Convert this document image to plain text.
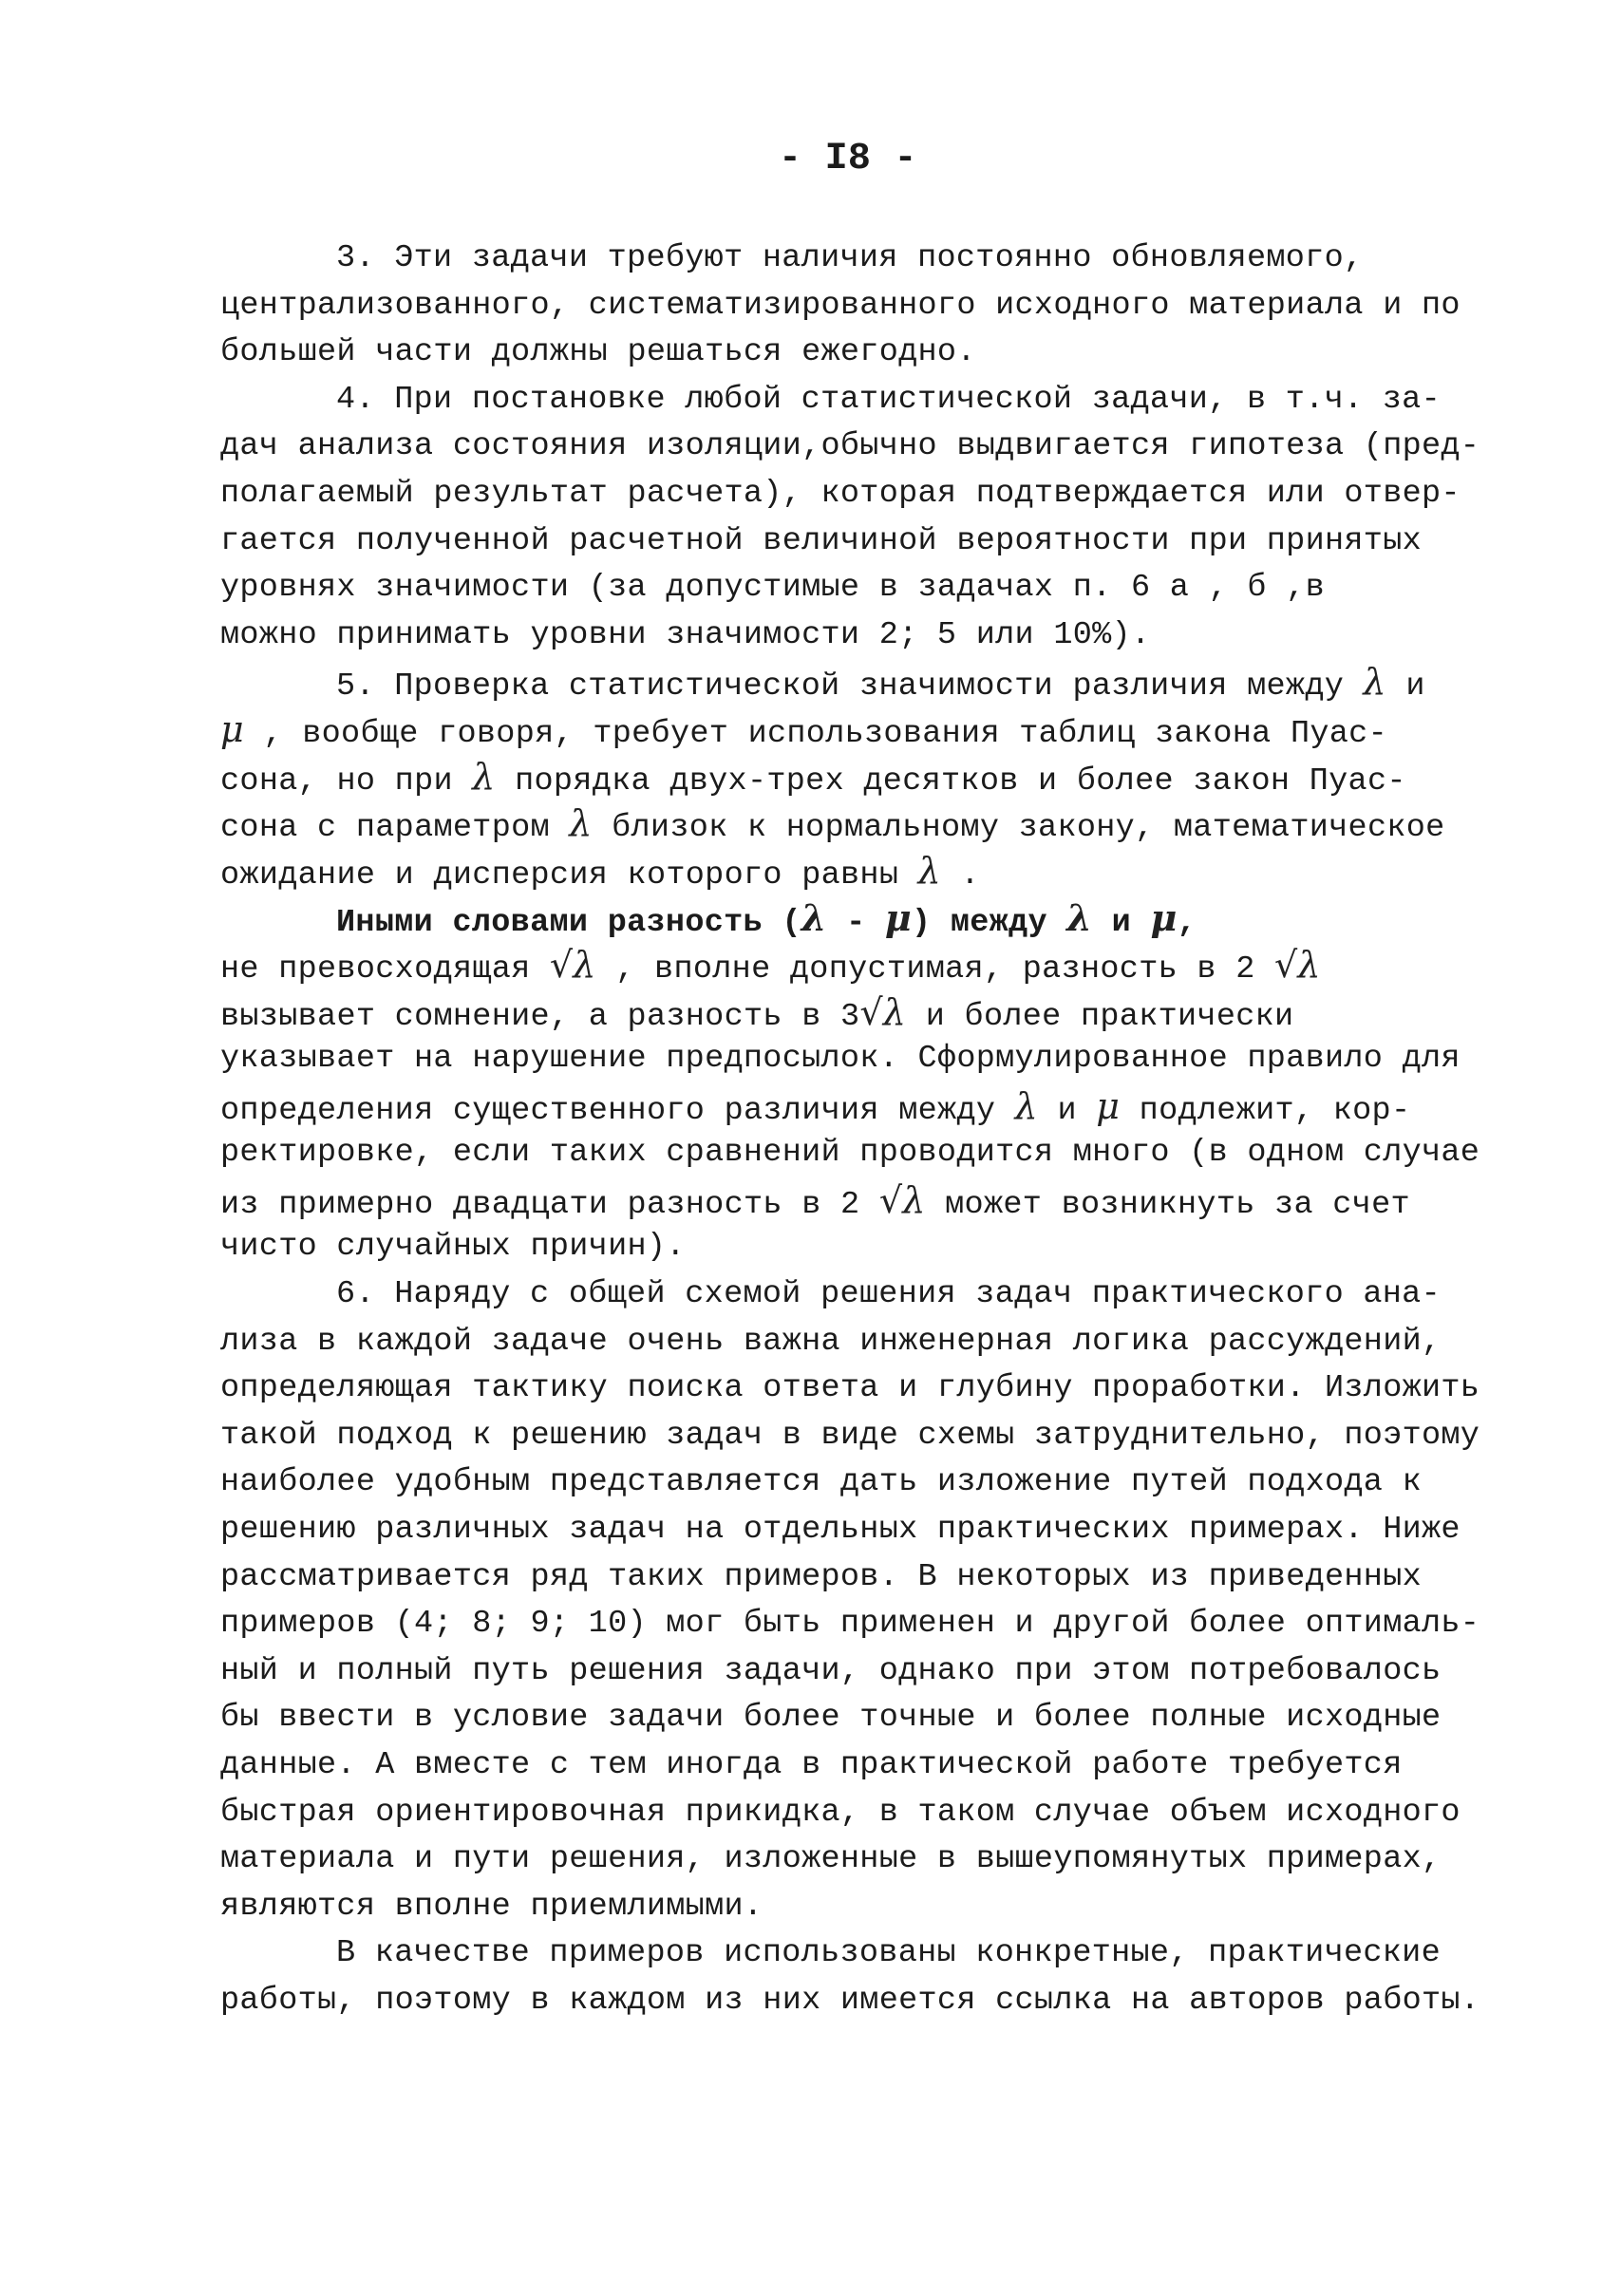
- I8 -
3. Эти задачи требуют наличия постоянно обновляемого,
централизованного, систематизированного исходного материала и по
большей части должны решаться ежегодно.
4. При постановке любой статистической задачи, в т.ч. за-
дач анализа состояния изоляции,обычно выдвигается гипотеза (пред-
полагаемый результат расчета), которая подтверждается или отвер-
гается полученной расчетной величиной вероятности при принятых
уровнях значимости (за допустимые в задачах п. 6 а , б ,в
можно принимать уровни значимости 2; 5 или 10%).
5. Проверка статистической значимости различия между λ и
μ , вообще говоря, требует использования таблиц закона Пуас-
сона, но при λ порядка двух-трех десятков и более закон Пуас-
сона с параметром λ близок к нормальному закону, математическое
ожидание и дисперсия которого равны λ .
Иными словами разность (λ - μ) между λ и μ,
не превосходящая √λ , вполне допустимая, разность в 2 √λ
вызывает сомнение, а разность в 3√λ и более практически
указывает на нарушение предпосылок. Сформулированное правило для
определения существенного различия между λ и μ подлежит, кор-
ректировке, если таких сравнений проводится много (в одном случае
из примерно двадцати разность в 2 √λ может возникнуть за счет
чисто случайных причин).
6. Наряду с общей схемой решения задач практического ана-
лиза в каждой задаче очень важна инженерная логика рассуждений,
определяющая тактику поиска ответа и глубину проработки. Изложить
такой подход к решению задач в виде схемы затруднительно, поэтому
наиболее удобным представляется дать изложение путей подхода к
решению различных задач на отдельных практических примерах. Ниже
рассматривается ряд таких примеров. В некоторых из приведенных
примеров (4; 8; 9; 10) мог быть применен и другой более оптималь-
ный и полный путь решения задачи, однако при этом потребовалось
бы ввести в условие задачи более точные и более полные исходные
данные. А вместе с тем иногда в практической работе требуется
быстрая ориентировочная прикидка, в таком случае объем исходного
материала и пути решения, изложенные в вышеупомянутых примерах,
являются вполне приемлимыми.
В качестве примеров использованы конкретные, практические
работы, поэтому в каждом из них имеется ссылка на авторов работы.
